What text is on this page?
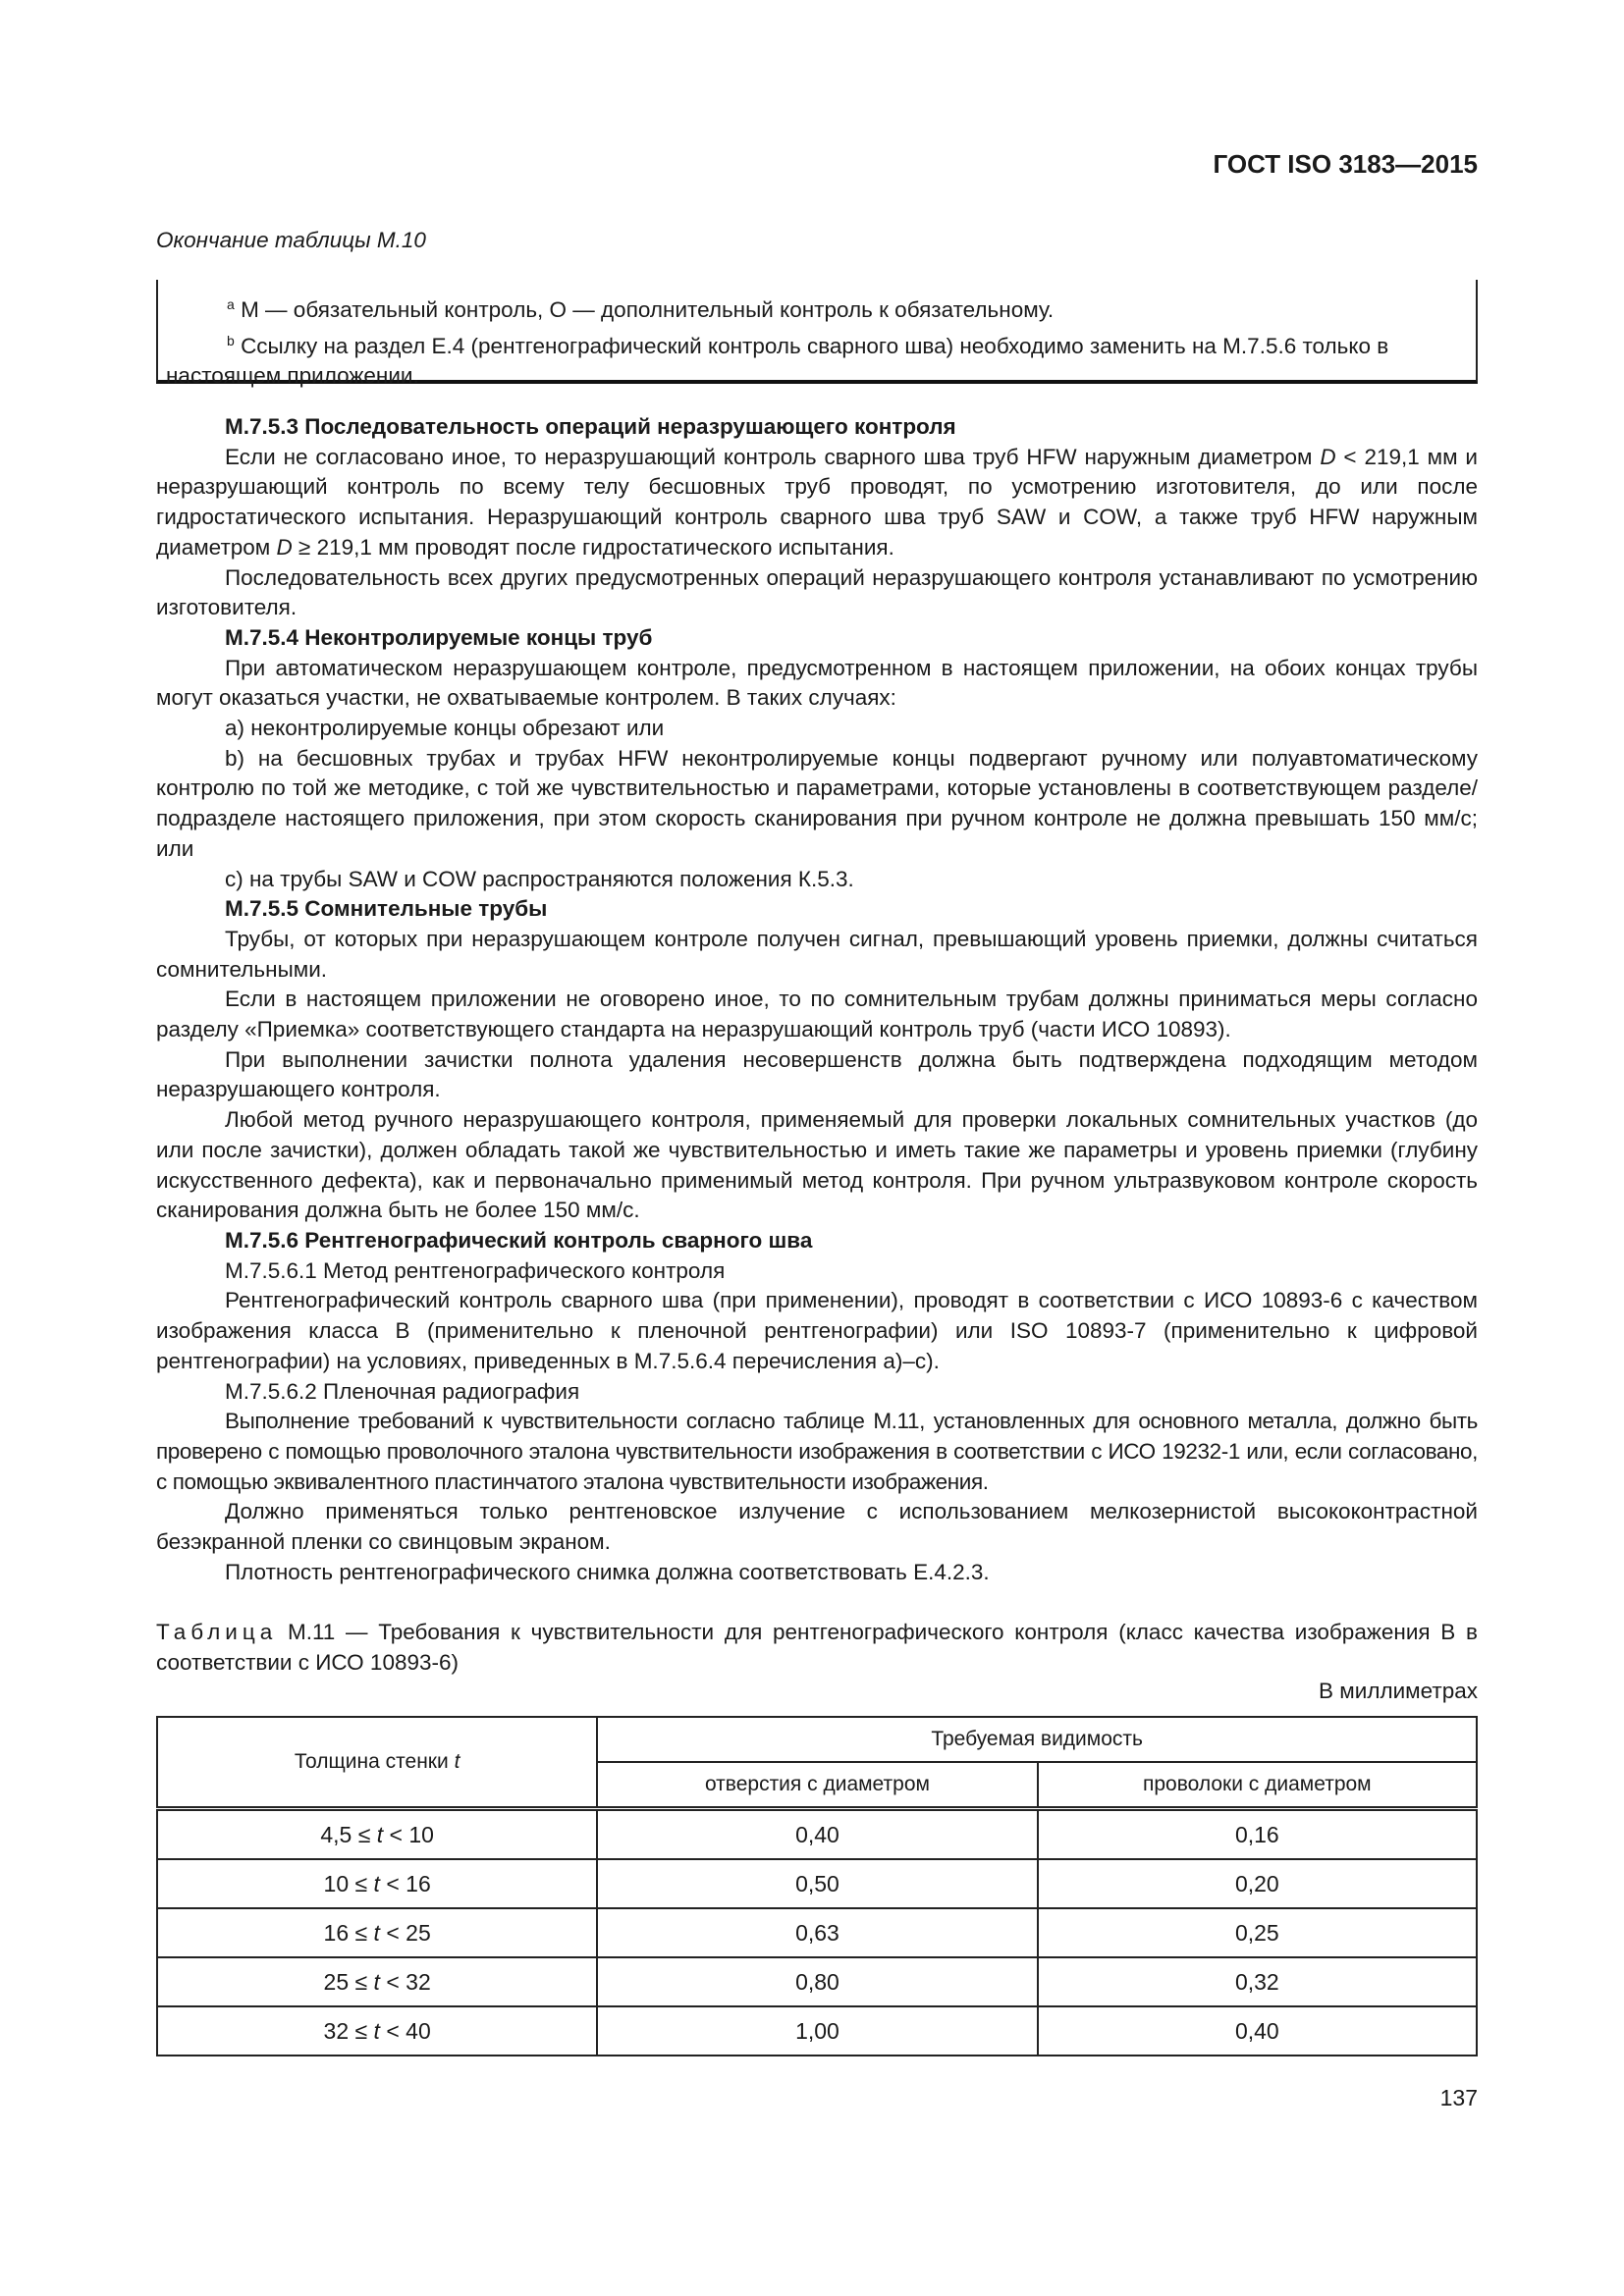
ГОСТ ISO 3183—2015
Окончание таблицы М.10

$^a$ М — обязательный контроль, О — дополнительный контроль к обязательному.

$^b$ Ссылку на раздел Е.4 (рентгенографический контроль сварного шва) необходимо заменить на М.7.5.6 только в настоящем приложении.

М.7.5.3 Последовательность операций неразрушающего контроля

Если не согласовано иное, то неразрушающий контроль сварного шва труб HFW наружным диаметром D < 219,1 мм и неразрушающий контроль по всему телу бесшовных труб проводят, по усмотрению изготовителя, до или после гидростатического испытания. Неразрушающий контроль сварного шва труб SAW и COW, а также труб HFW наружным диаметром D ≥ 219,1 мм проводят после гидростатического испытания.

Последовательность всех других предусмотренных операций неразрушающего контроля устанавливают по усмотрению изготовителя.

М.7.5.4 Неконтролируемые концы труб

При автоматическом неразрушающем контроле, предусмотренном в настоящем приложении, на обоих концах трубы могут оказаться участки, не охватываемые контролем. В таких случаях:

a) неконтролируемые концы обрезают или

b) на бесшовных трубах и трубах HFW неконтролируемые концы подвергают ручному или полуавтоматическому контролю по той же методике, с той же чувствительностью и параметрами, которые установлены в соответствующем разделе/подразделе настоящего приложения, при этом скорость сканирования при ручном контроле не должна превышать 150 мм/с; или

c) на трубы SAW и COW распространяются положения К.5.3.

М.7.5.5 Сомнительные трубы

Трубы, от которых при неразрушающем контроле получен сигнал, превышающий уровень приемки, должны считаться сомнительными.

Если в настоящем приложении не оговорено иное, то по сомнительным трубам должны приниматься меры согласно разделу «Приемка» соответствующего стандарта на неразрушающий контроль труб (части ИСО 10893).

При выполнении зачистки полнота удаления несовершенств должна быть подтверждена подходящим методом неразрушающего контроля.

Любой метод ручного неразрушающего контроля, применяемый для проверки локальных сомнительных участков (до или после зачистки), должен обладать такой же чувствительностью и иметь такие же параметры и уровень приемки (глубину искусственного дефекта), как и первоначально применимый метод контроля. При ручном ультразвуковом контроле скорость сканирования должна быть не более 150 мм/с.

М.7.5.6 Рентгенографический контроль сварного шва

М.7.5.6.1 Метод рентгенографического контроля

Рентгенографический контроль сварного шва (при применении), проводят в соответствии с ИСО 10893-6 с качеством изображения класса В (применительно к пленочной рентгенографии) или ISO 10893-7 (применительно к цифровой рентгенографии) на условиях, приведенных в М.7.5.6.4 перечисления а)–с).

М.7.5.6.2 Пленочная радиография

Выполнение требований к чувствительности согласно таблице М.11, установленных для основного металла, должно быть проверено с помощью проволочного эталона чувствительности изображения в соответствии с ИСО 19232-1 или, если согласовано, с помощью эквивалентного пластинчатого эталона чувствительности изображения.

Должно применяться только рентгеновское излучение с использованием мелкозернистой высококонтрастной безэкранной пленки со свинцовым экраном.

Плотность рентгенографического снимка должна соответствовать Е.4.2.3.

Таблица М.11 — Требования к чувствительности для рентгенографического контроля (класс качества изображения В в соответствии с ИСО 10893-6)
В миллиметрах
Толщина стенки t	Требуемая видимость	
	отверстия с диаметром	проволоки с диаметром
4,5 ≤ t < 10	0,40	0,16
10 ≤ t < 16	0,50	0,20
16 ≤ t < 25	0,63	0,25
25 ≤ t < 32	0,80	0,32
32 ≤ t < 40	1,00	0,40
137
